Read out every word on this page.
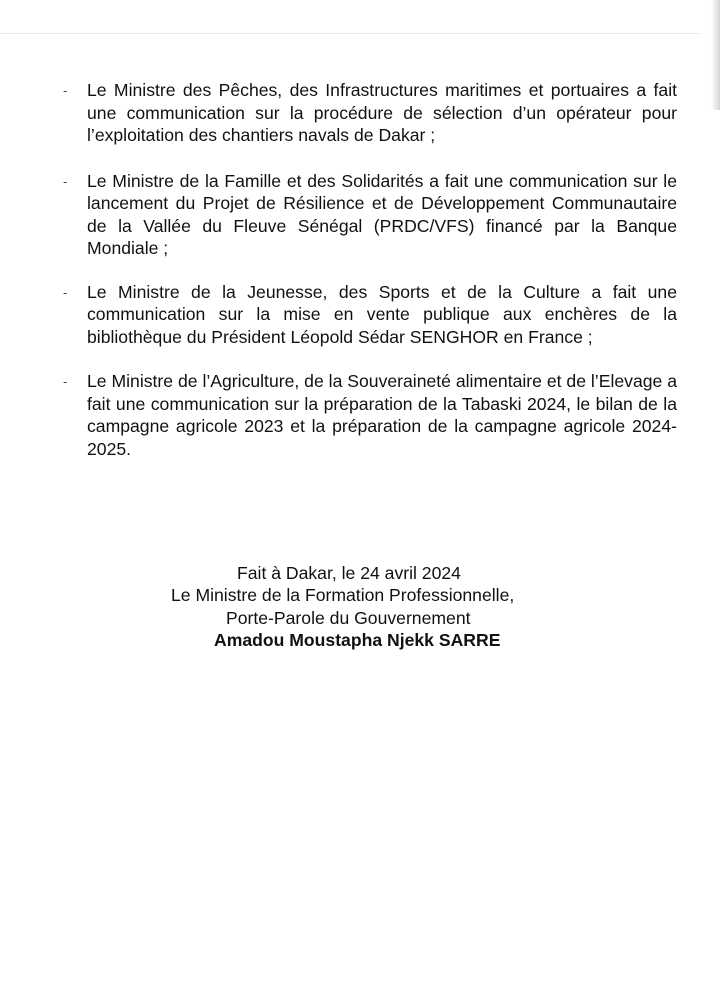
- Le Ministre des Pêches, des Infrastructures maritimes et portuaires a fait une communication sur la procédure de sélection d’un opérateur pour l’exploitation des chantiers navals de Dakar ;
- Le Ministre de la Famille et des Solidarités a fait une communication sur le lancement du Projet de Résilience et de Développement Communautaire de la Vallée du Fleuve Sénégal (PRDC/VFS) financé par la Banque Mondiale ;
- Le Ministre de la Jeunesse, des Sports et de la Culture a fait une communication sur la mise en vente publique aux enchères de la bibliothèque du Président Léopold Sédar SENGHOR en France ;
- Le Ministre de l’Agriculture, de la Souveraineté alimentaire et de l’Elevage a fait une communication sur la préparation de la Tabaski 2024, le bilan de la campagne agricole 2023 et la préparation de la campagne agricole 2024-2025.
Fait à Dakar, le 24 avril 2024
Le Ministre de la Formation Professionnelle,
Porte-Parole du Gouvernement
Amadou Moustapha Njekk SARRE
